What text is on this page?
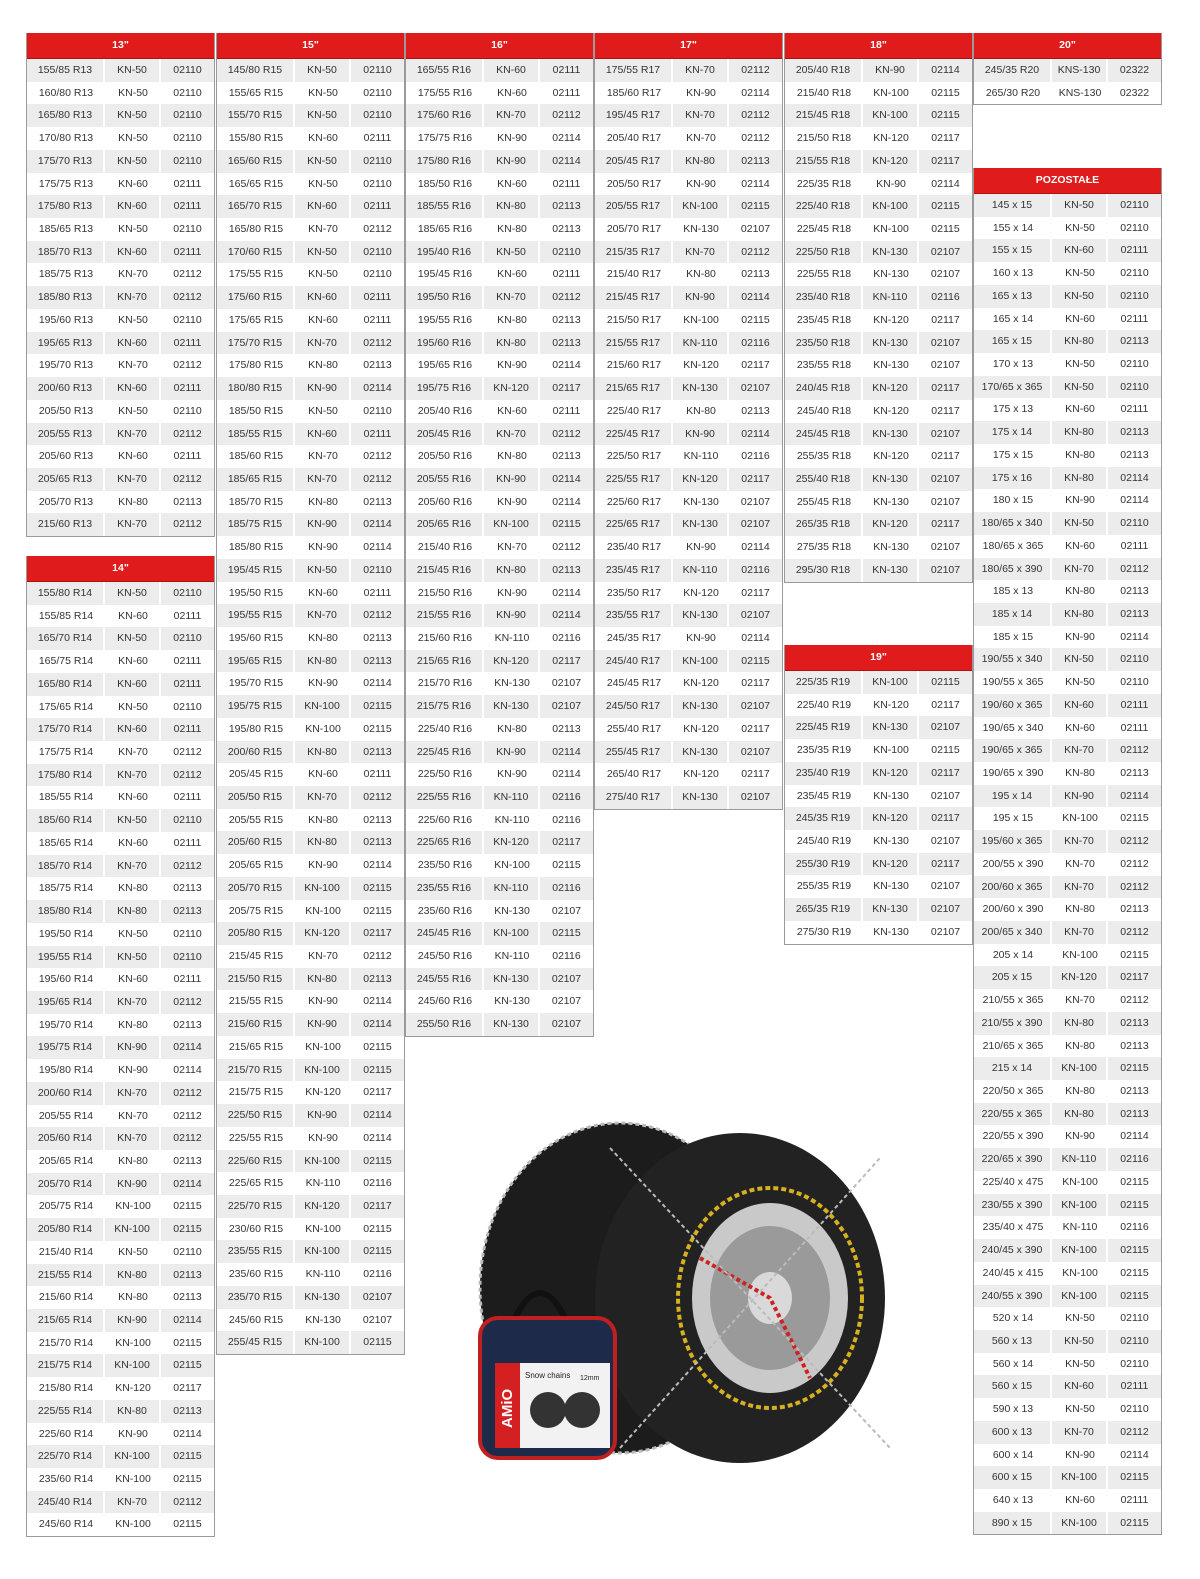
13"
155/85 R13	KN-50	02110
160/80 R13	KN-50	02110
165/80 R13	KN-50	02110
170/80 R13	KN-50	02110
175/70 R13	KN-50	02110
175/75 R13	KN-60	02111
175/80 R13	KN-60	02111
185/65 R13	KN-50	02110
185/70 R13	KN-60	02111
185/75 R13	KN-70	02112
185/80 R13	KN-70	02112
195/60 R13	KN-50	02110
195/65 R13	KN-60	02111
195/70 R13	KN-70	02112
200/60 R13	KN-60	02111
205/50 R13	KN-50	02110
205/55 R13	KN-70	02112
205/60 R13	KN-60	02111
205/65 R13	KN-70	02112
205/70 R13	KN-80	02113
215/60 R13	KN-70	02112
14"
155/80 R14	KN-50	02110
155/85 R14	KN-60	02111
165/70 R14	KN-50	02110
165/75 R14	KN-60	02111
165/80 R14	KN-60	02111
175/65 R14	KN-50	02110
175/70 R14	KN-60	02111
175/75 R14	KN-70	02112
175/80 R14	KN-70	02112
185/55 R14	KN-60	02111
185/60 R14	KN-50	02110
185/65 R14	KN-60	02111
185/70 R14	KN-70	02112
185/75 R14	KN-80	02113
185/80 R14	KN-80	02113
195/50 R14	KN-50	02110
195/55 R14	KN-50	02110
195/60 R14	KN-60	02111
195/65 R14	KN-70	02112
195/70 R14	KN-80	02113
195/75 R14	KN-90	02114
195/80 R14	KN-90	02114
200/60 R14	KN-70	02112
205/55 R14	KN-70	02112
205/60 R14	KN-70	02112
205/65 R14	KN-80	02113
205/70 R14	KN-90	02114
205/75 R14	KN-100	02115
205/80 R14	KN-100	02115
215/40 R14	KN-50	02110
215/55 R14	KN-80	02113
215/60 R14	KN-80	02113
215/65 R14	KN-90	02114
215/70 R14	KN-100	02115
215/75 R14	KN-100	02115
215/80 R14	KN-120	02117
225/55 R14	KN-80	02113
225/60 R14	KN-90	02114
225/70 R14	KN-100	02115
235/60 R14	KN-100	02115
245/40 R14	KN-70	02112
245/60 R14	KN-100	02115
15"
145/80 R15	KN-50	02110
155/65 R15	KN-50	02110
155/70 R15	KN-50	02110
155/80 R15	KN-60	02111
165/60 R15	KN-50	02110
165/65 R15	KN-50	02110
165/70 R15	KN-60	02111
165/80 R15	KN-70	02112
170/60 R15	KN-50	02110
175/55 R15	KN-50	02110
175/60 R15	KN-60	02111
175/65 R15	KN-60	02111
175/70 R15	KN-70	02112
175/80 R15	KN-80	02113
180/80 R15	KN-90	02114
185/50 R15	KN-50	02110
185/55 R15	KN-60	02111
185/60 R15	KN-70	02112
185/65 R15	KN-70	02112
185/70 R15	KN-80	02113
185/75 R15	KN-90	02114
185/80 R15	KN-90	02114
195/45 R15	KN-50	02110
195/50 R15	KN-60	02111
195/55 R15	KN-70	02112
195/60 R15	KN-80	02113
195/65 R15	KN-80	02113
195/70 R15	KN-90	02114
195/75 R15	KN-100	02115
195/80 R15	KN-100	02115
200/60 R15	KN-80	02113
205/45 R15	KN-60	02111
205/50 R15	KN-70	02112
205/55 R15	KN-80	02113
205/60 R15	KN-80	02113
205/65 R15	KN-90	02114
205/70 R15	KN-100	02115
205/75 R15	KN-100	02115
205/80 R15	KN-120	02117
215/45 R15	KN-70	02112
215/50 R15	KN-80	02113
215/55 R15	KN-90	02114
215/60 R15	KN-90	02114
215/65 R15	KN-100	02115
215/70 R15	KN-100	02115
215/75 R15	KN-120	02117
225/50 R15	KN-90	02114
225/55 R15	KN-90	02114
225/60 R15	KN-100	02115
225/65 R15	KN-110	02116
225/70 R15	KN-120	02117
230/60 R15	KN-100	02115
235/55 R15	KN-100	02115
235/60 R15	KN-110	02116
235/70 R15	KN-130	02107
245/60 R15	KN-130	02107
255/45 R15	KN-100	02115
16"
165/55 R16	KN-60	02111
175/55 R16	KN-60	02111
175/60 R16	KN-70	02112
175/75 R16	KN-90	02114
175/80 R16	KN-90	02114
185/50 R16	KN-60	02111
185/55 R16	KN-80	02113
185/65 R16	KN-80	02113
195/40 R16	KN-50	02110
195/45 R16	KN-60	02111
195/50 R16	KN-70	02112
195/55 R16	KN-80	02113
195/60 R16	KN-80	02113
195/65 R16	KN-90	02114
195/75 R16	KN-120	02117
205/40 R16	KN-60	02111
205/45 R16	KN-70	02112
205/50 R16	KN-80	02113
205/55 R16	KN-90	02114
205/60 R16	KN-90	02114
205/65 R16	KN-100	02115
215/40 R16	KN-70	02112
215/45 R16	KN-80	02113
215/50 R16	KN-90	02114
215/55 R16	KN-90	02114
215/60 R16	KN-110	02116
215/65 R16	KN-120	02117
215/70 R16	KN-130	02107
215/75 R16	KN-130	02107
225/40 R16	KN-80	02113
225/45 R16	KN-90	02114
225/50 R16	KN-90	02114
225/55 R16	KN-110	02116
225/60 R16	KN-110	02116
225/65 R16	KN-120	02117
235/50 R16	KN-100	02115
235/55 R16	KN-110	02116
235/60 R16	KN-130	02107
245/45 R16	KN-100	02115
245/50 R16	KN-110	02116
245/55 R16	KN-130	02107
245/60 R16	KN-130	02107
255/50 R16	KN-130	02107
17"
175/55 R17	KN-70	02112
185/60 R17	KN-90	02114
195/45 R17	KN-70	02112
205/40 R17	KN-70	02112
205/45 R17	KN-80	02113
205/50 R17	KN-90	02114
205/55 R17	KN-100	02115
205/70 R17	KN-130	02107
215/35 R17	KN-70	02112
215/40 R17	KN-80	02113
215/45 R17	KN-90	02114
215/50 R17	KN-100	02115
215/55 R17	KN-110	02116
215/60 R17	KN-120	02117
215/65 R17	KN-130	02107
225/40 R17	KN-80	02113
225/45 R17	KN-90	02114
225/50 R17	KN-110	02116
225/55 R17	KN-120	02117
225/60 R17	KN-130	02107
225/65 R17	KN-130	02107
235/40 R17	KN-90	02114
235/45 R17	KN-110	02116
235/50 R17	KN-120	02117
235/55 R17	KN-130	02107
245/35 R17	KN-90	02114
245/40 R17	KN-100	02115
245/45 R17	KN-120	02117
245/50 R17	KN-130	02107
255/40 R17	KN-120	02117
255/45 R17	KN-130	02107
265/40 R17	KN-120	02117
275/40 R17	KN-130	02107
18"
205/40 R18	KN-90	02114
215/40 R18	KN-100	02115
215/45 R18	KN-100	02115
215/50 R18	KN-120	02117
215/55 R18	KN-120	02117
225/35 R18	KN-90	02114
225/40 R18	KN-100	02115
225/45 R18	KN-100	02115
225/50 R18	KN-130	02107
225/55 R18	KN-130	02107
235/40 R18	KN-110	02116
235/45 R18	KN-120	02117
235/50 R18	KN-130	02107
235/55 R18	KN-130	02107
240/45 R18	KN-120	02117
245/40 R18	KN-120	02117
245/45 R18	KN-130	02107
255/35 R18	KN-120	02117
255/40 R18	KN-130	02107
255/45 R18	KN-130	02107
265/35 R18	KN-120	02117
275/35 R18	KN-130	02107
295/30 R18	KN-130	02107
19"
225/35 R19	KN-100	02115
225/40 R19	KN-120	02117
225/45 R19	KN-130	02107
235/35 R19	KN-100	02115
235/40 R19	KN-120	02117
235/45 R19	KN-130	02107
245/35 R19	KN-120	02117
245/40 R19	KN-130	02107
255/30 R19	KN-120	02117
255/35 R19	KN-130	02107
265/35 R19	KN-130	02107
275/30 R19	KN-130	02107
20"
245/35 R20	KNS-130	02322
265/30 R20	KNS-130	02322
POZOSTAŁE
145 x 15	KN-50	02110
155 x 14	KN-50	02110
155 x 15	KN-60	02111
160 x 13	KN-50	02110
165 x 13	KN-50	02110
165 x 14	KN-60	02111
165 x 15	KN-80	02113
170 x 13	KN-50	02110
170/65 x 365	KN-50	02110
175 x 13	KN-60	02111
175 x 14	KN-80	02113
175 x 15	KN-80	02113
175 x 16	KN-80	02114
180 x 15	KN-90	02114
180/65 x 340	KN-50	02110
180/65 x 365	KN-60	02111
180/65 x 390	KN-70	02112
185 x 13	KN-80	02113
185 x 14	KN-80	02113
185 x 15	KN-90	02114
190/55 x 340	KN-50	02110
190/55 x 365	KN-50	02110
190/60 x 365	KN-60	02111
190/65 x 340	KN-60	02111
190/65 x 365	KN-70	02112
190/65 x 390	KN-80	02113
195 x 14	KN-90	02114
195 x 15	KN-100	02115
195/60 x 365	KN-70	02112
200/55 x 390	KN-70	02112
200/60 x 365	KN-70	02112
200/60 x 390	KN-80	02113
200/65 x 340	KN-70	02112
205 x 14	KN-100	02115
205 x 15	KN-120	02117
210/55 x 365	KN-70	02112
210/55 x 390	KN-80	02113
210/65 x 365	KN-80	02113
215 x 14	KN-100	02115
220/50 x 365	KN-80	02113
220/55 x 365	KN-80	02113
220/55 x 390	KN-90	02114
220/65 x 390	KN-110	02116
225/40 x 475	KN-100	02115
230/55 x 390	KN-100	02115
235/40 x 475	KN-110	02116
240/45 x 390	KN-100	02115
240/45 x 415	KN-100	02115
240/55 x 390	KN-100	02115
520 x 14	KN-50	02110
560 x 13	KN-50	02110
560 x 14	KN-50	02110
560 x 15	KN-60	02111
590 x 13	KN-50	02110
600 x 13	KN-70	02112
600 x 14	KN-90	02114
600 x 15	KN-100	02115
640 x 13	KN-60	02111
890 x 15	KN-100	02115
AMiO
Snow chains 12mm
